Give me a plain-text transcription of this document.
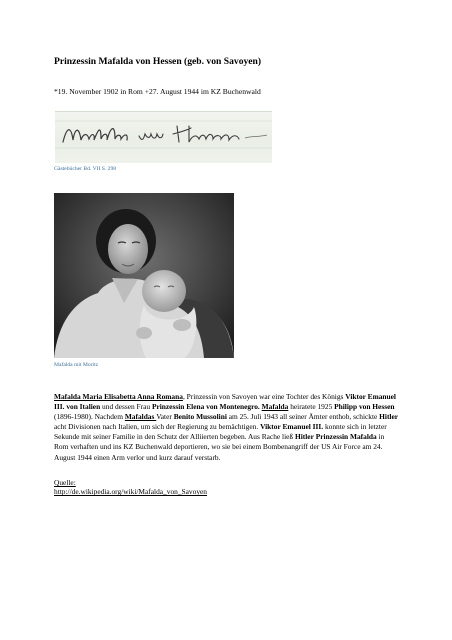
Prinzessin Mafalda von Hessen (geb. von Savoyen)
*19. November 1902 in Rom +27. August 1944 im KZ Buchenwald
Gästebücher Bd. VII S. 298
Mafalda mit Moritz
Mafalda Maria Elisabetta Anna Romana, Prinzessin von Savoyen war eine Tochter des Königs Viktor Emanuel III. von Italien und dessen Frau Prinzessin Elena von Montenegro. Mafalda heiratete 1925 Philipp von Hessen (1896-1980). Nachdem Mafaldas Vater Benito Mussolini am 25. Juli 1943 all seiner Ämter enthob, schickte Hitler acht Divisionen nach Italien, um sich der Regierung zu bemächtigen. Viktor Emanuel III. konnte sich in letzter Sekunde mit seiner Familie in den Schutz der Alliierten begeben. Aus Rache ließ Hitler Prinzessin Mafalda in Rom verhaften und ins KZ Buchenwald deportieren, wo sie bei einem Bombenangriff der US Air Force am 24. August 1944 einen Arm verlor und kurz darauf verstarb.
Quelle:
http://de.wikipedia.org/wiki/Mafalda_von_Savoyen
